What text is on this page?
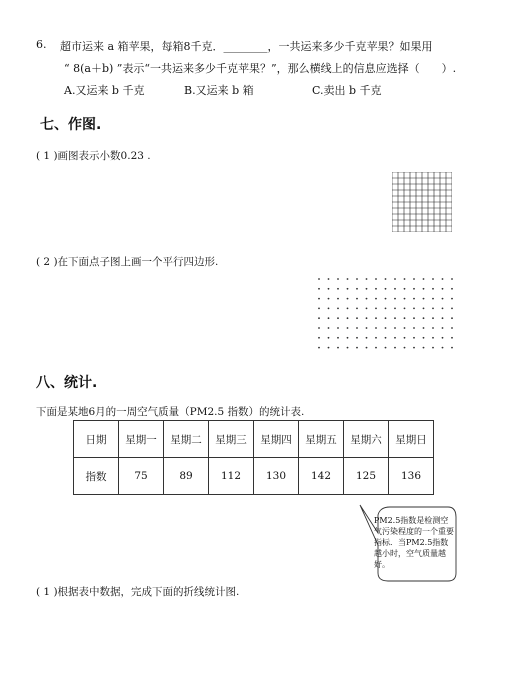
6. 超市运来 a 箱苹果，每箱8千克．________，一共运来多少千克苹果？如果用
“ 8(a＋b) ”表示“一共运来多少千克苹果？”，那么横线上的信息应选择（　　）.
A.又运来 b 千克	B.又运来 b 箱	C.卖出 b 千克
七、作图.
( 1 )画图表示小数0.23 .
( 2 )在下面点子图上画一个平行四边形.
八、统计.
下面是某地6月的一周空气质量（PM2.5 指数）的统计表.
日期	星期一	星期二	星期三	星期四	星期五	星期六	星期日
指数	75	89	112	130	142	125	136
PM2.5指数是检测空气污染程度的一个重要指标．当PM2.5指数越小时，空气质量越好。
( 1 )根据表中数据，完成下面的折线统计图.
